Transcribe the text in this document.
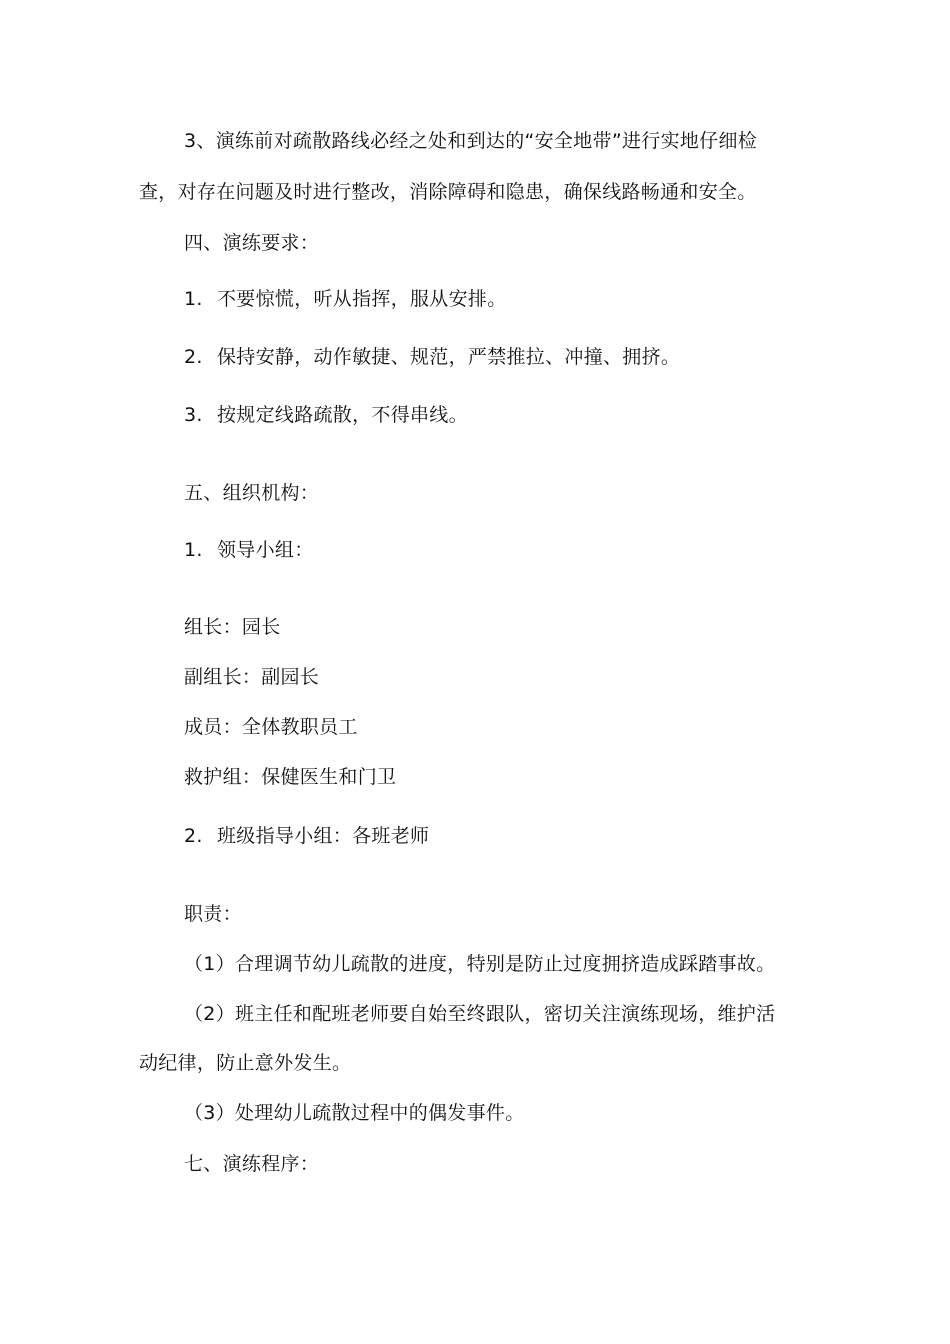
3、演练前对疏散路线必经之处和到达的“安全地带”进行实地仔细检
查，对存在问题及时进行整改，消除障碍和隐患，确保线路畅通和安全。
四、演练要求：
1. 不要惊慌，听从指挥，服从安排。
2. 保持安静，动作敏捷、规范，严禁推拉、冲撞、拥挤。
3. 按规定线路疏散，不得串线。
五、组织机构：
1. 领导小组：
组长：园长
副组长：副园长
成员：全体教职员工
救护组：保健医生和门卫
2. 班级指导小组：各班老师
职责：
（1）合理调节幼儿疏散的进度，特别是防止过度拥挤造成踩踏事故。
（2）班主任和配班老师要自始至终跟队，密切关注演练现场，维护活
动纪律，防止意外发生。
（3）处理幼儿疏散过程中的偶发事件。
七、演练程序：
